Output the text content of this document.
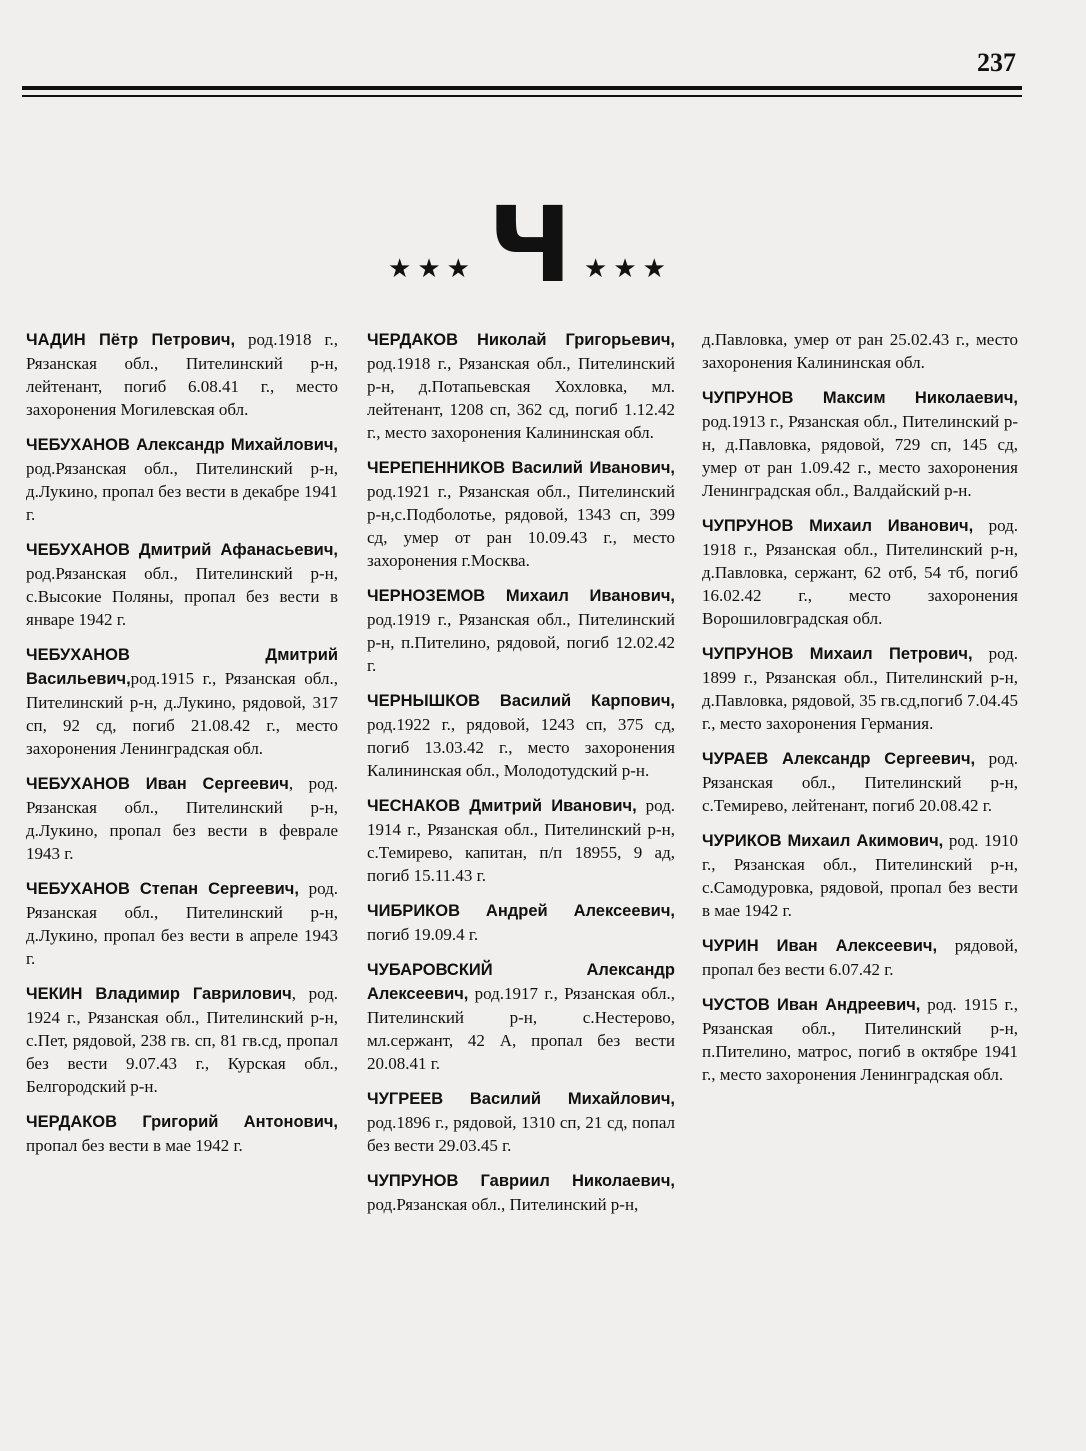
237
★★★ Ч ★★★

ЧАДИН Пётр Петрович, род.1918 г., Рязанская обл., Пителинский р-н, лейтенант, погиб 6.08.41 г., место захоронения Могилевская обл.

ЧЕБУХАНОВ Александр Михайлович, род.Рязанская обл., Пителинский р-н, д.Лукино, пропал без вести в декабре 1941 г.

ЧЕБУХАНОВ Дмитрий Афанасьевич, род.Рязанская обл., Пителинский р-н, с.Высокие Поляны, пропал без вести в январе 1942 г.

ЧЕБУХАНОВ Дмитрий Васильевич,род.1915 г., Рязанская обл., Пителинский р-н, д.Лукино, рядовой, 317 сп, 92 сд, погиб 21.08.42 г., место захоронения Ленинградская обл.

ЧЕБУХАНОВ Иван Сергеевич, род. Рязанская обл., Пителинский р-н, д.Лукино, пропал без вести в феврале 1943 г.

ЧЕБУХАНОВ Степан Сергеевич, род. Рязанская обл., Пителинский р-н, д.Лукино, пропал без вести в апреле 1943 г.

ЧЕКИН Владимир Гаврилович, род. 1924 г., Рязанская обл., Пителинский р-н, с.Пет, рядовой, 238 гв. сп, 81 гв.сд, пропал без вести 9.07.43 г., Курская обл., Белгородский р-н.

ЧЕРДАКОВ Григорий Антонович, пропал без вести в мае 1942 г.

ЧЕРДАКОВ Николай Григорьевич, род.1918 г., Рязанская обл., Пителинский р-н, д.Потапьевская Хохловка, мл. лейтенант, 1208 сп, 362 сд, погиб 1.12.42 г., место захоронения Калининская обл.

ЧЕРЕПЕННИКОВ Василий Иванович, род.1921 г., Рязанская обл., Пителинский р-н,с.Подболотье, рядовой, 1343 сп, 399 сд, умер от ран 10.09.43 г., место захоронения г.Москва.

ЧЕРНОЗЕМОВ Михаил Иванович, род.1919 г., Рязанская обл., Пителинский р-н, п.Пителино, рядовой, погиб 12.02.42 г.

ЧЕРНЫШКОВ Василий Карпович, род.1922 г., рядовой, 1243 сп, 375 сд, погиб 13.03.42 г., место захоронения Калининская обл., Молодотудский р-н.

ЧЕСНАКОВ Дмитрий Иванович, род. 1914 г., Рязанская обл., Пителинский р-н, с.Темирево, капитан, п/п 18955, 9 ад, погиб 15.11.43 г.

ЧИБРИКОВ Андрей Алексеевич, погиб 19.09.4 г.

ЧУБАРОВСКИЙ Александр Алексеевич, род.1917 г., Рязанская обл., Пителинский р-н, с.Нестерово, мл.сержант, 42 А, пропал без вести 20.08.41 г.

ЧУГРЕЕВ Василий Михайлович, род.1896 г., рядовой, 1310 сп, 21 сд, попал без вести 29.03.45 г.

ЧУПРУНОВ Гавриил Николаевич, род.Рязанская обл., Пителинский р-н,

д.Павловка, умер от ран 25.02.43 г., место захоронения Калининская обл.

ЧУПРУНОВ Максим Николаевич, род.1913 г., Рязанская обл., Пителинский р-н, д.Павловка, рядовой, 729 сп, 145 сд, умер от ран 1.09.42 г., место захоронения Ленинградская обл., Валдайский р-н.

ЧУПРУНОВ Михаил Иванович, род. 1918 г., Рязанская обл., Пителинский р-н, д.Павловка, сержант, 62 отб, 54 тб, погиб 16.02.42 г., место захоронения Ворошиловградская обл.

ЧУПРУНОВ Михаил Петрович, род. 1899 г., Рязанская обл., Пителинский р-н, д.Павловка, рядовой, 35 гв.сд,погиб 7.04.45 г., место захоронения Германия.

ЧУРАЕВ Александр Сергеевич, род. Рязанская обл., Пителинский р-н, с.Темирево, лейтенант, погиб 20.08.42 г.

ЧУРИКОВ Михаил Акимович, род. 1910 г., Рязанская обл., Пителинский р-н, с.Самодуровка, рядовой, пропал без вести в мае 1942 г.

ЧУРИН Иван Алексеевич, рядовой, пропал без вести 6.07.42 г.

ЧУСТОВ Иван Андреевич, род. 1915 г., Рязанская обл., Пителинский р-н, п.Пителино, матрос, погиб в октябре 1941 г., место захоронения Ленинградская обл.
